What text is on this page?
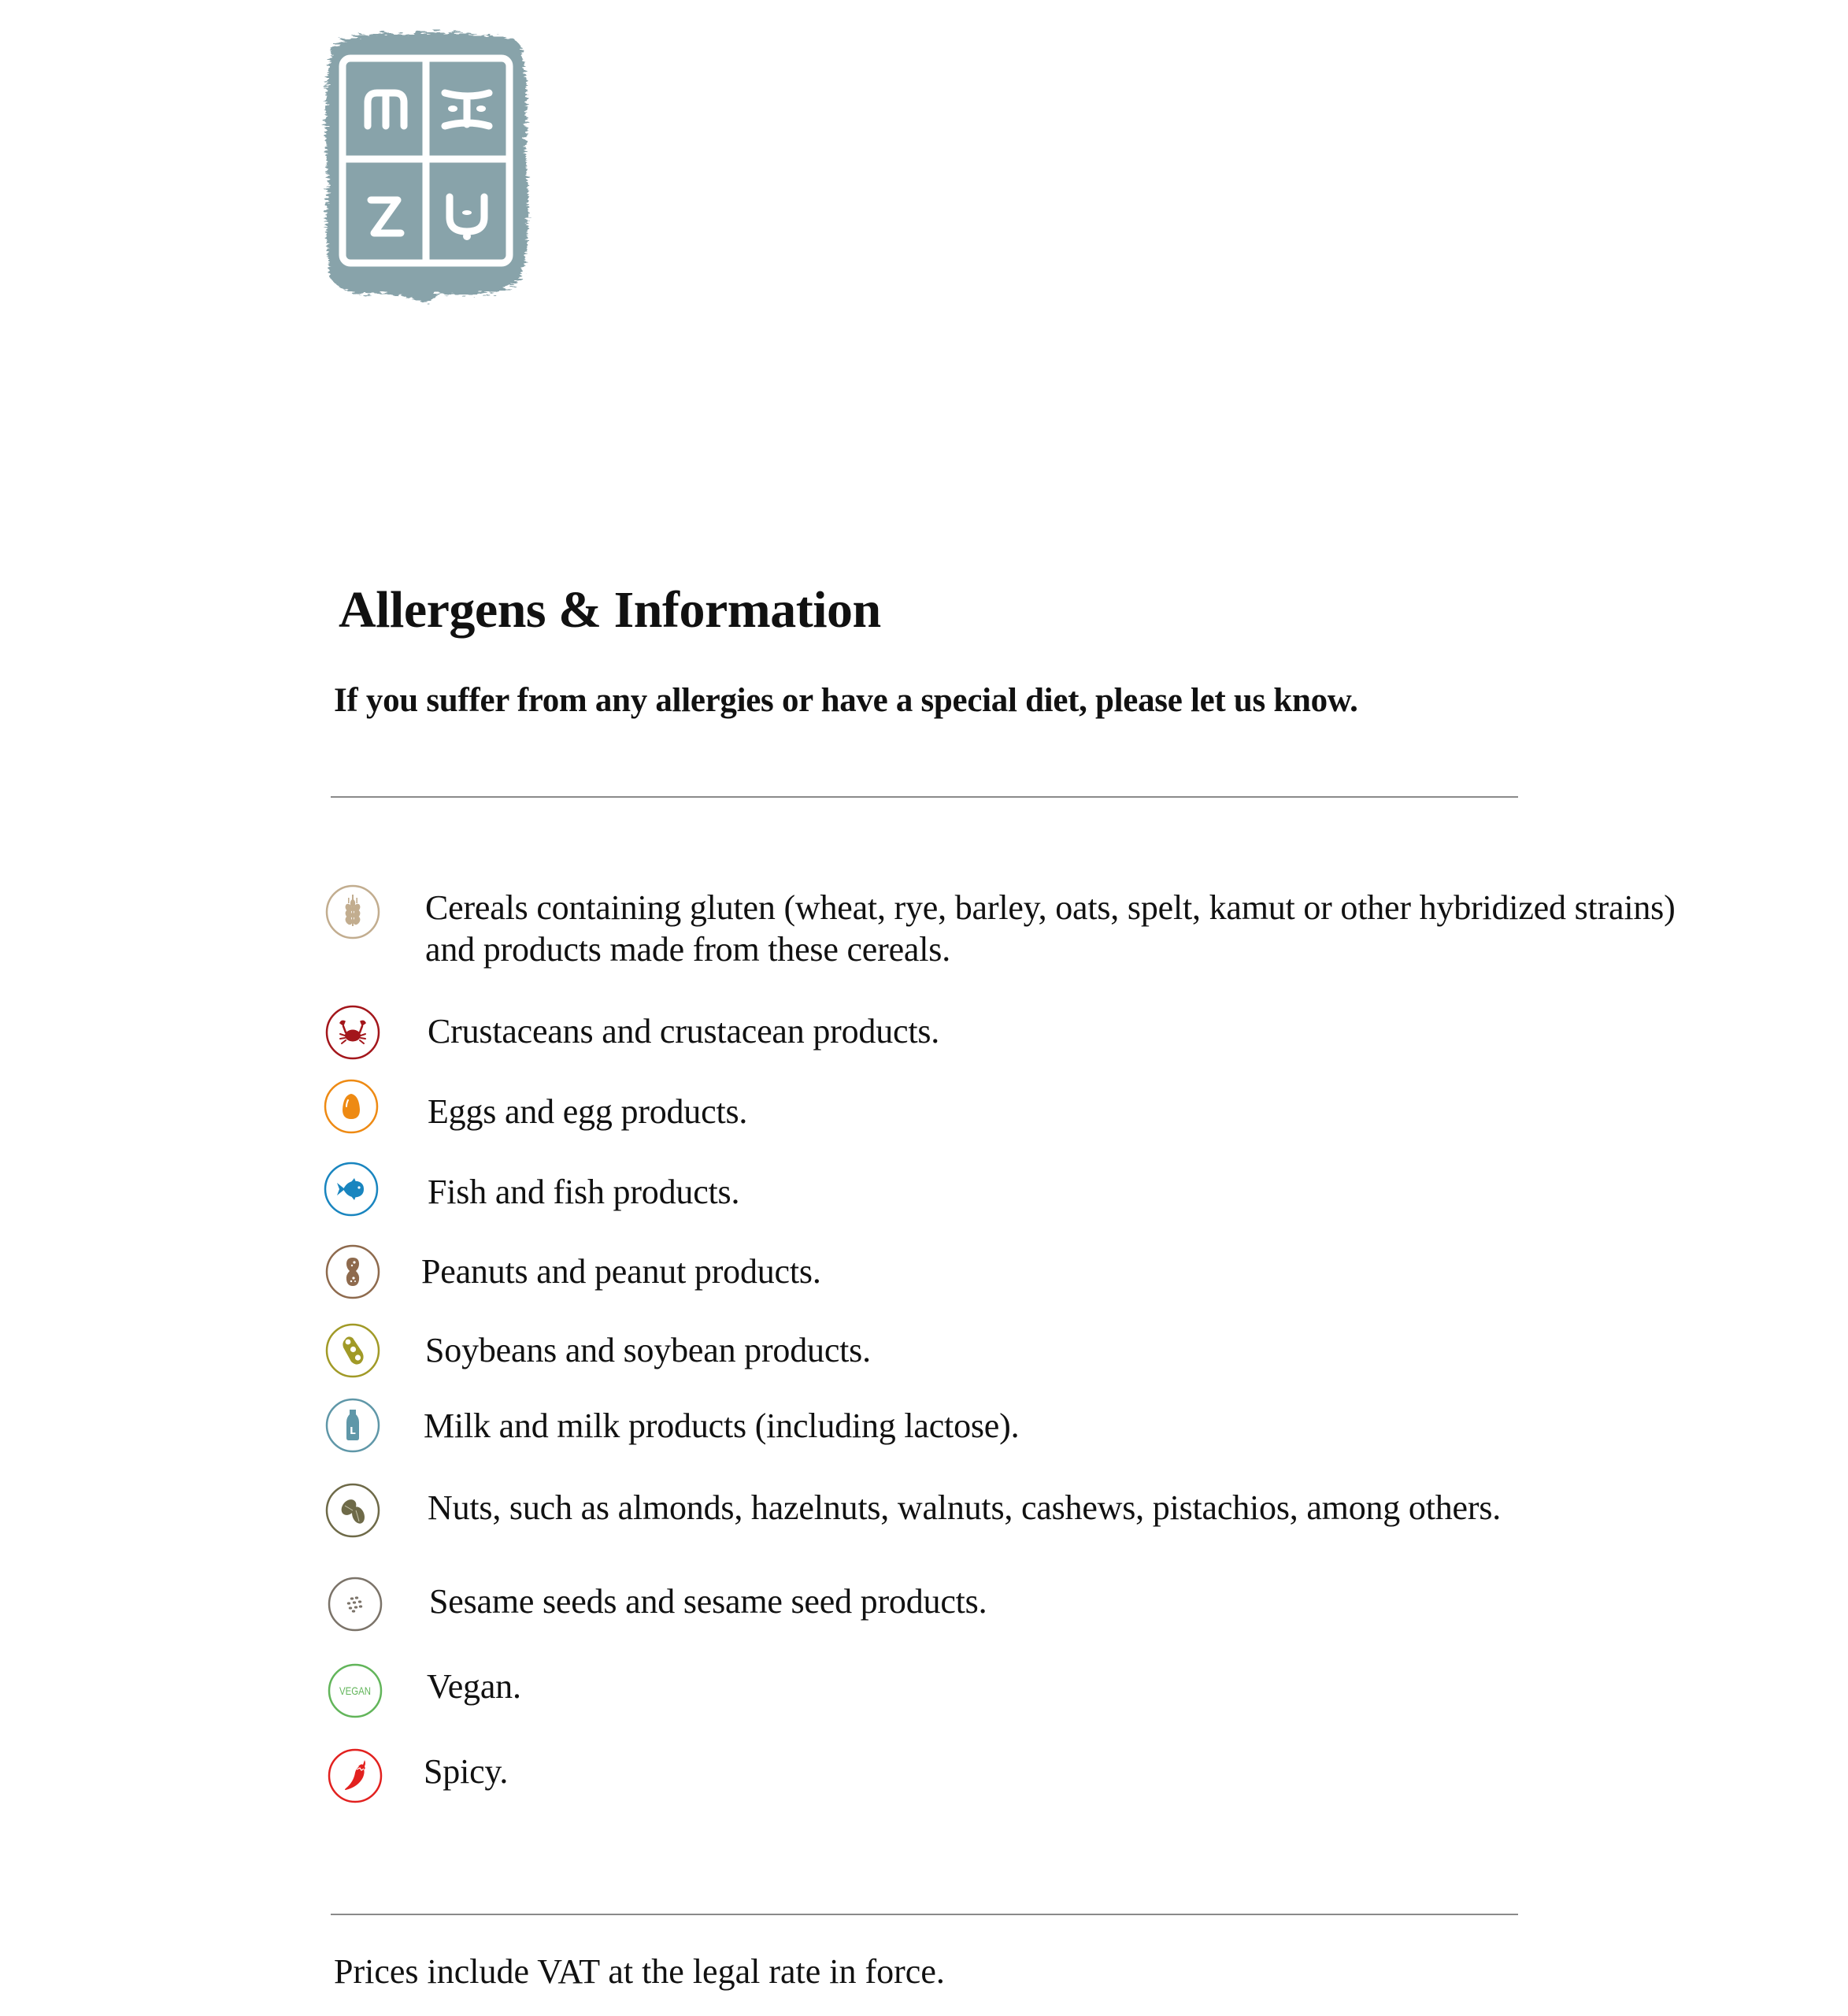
Allergens & Information

If you suffer from any allergies or have a special diet, please let us know.

Cereals containing gluten (wheat, rye, barley, oats, spelt, kamut or other hybridized strains)
and products made from these cereals.
Crustaceans and crustacean products.
Eggs and egg products.
Fish and fish products.
Peanuts and peanut products.
Soybeans and soybean products.
L Milk and milk products (including lactose).
Nuts, such as almonds, hazelnuts, walnuts, cashews, pistachios, among others.
Sesame seeds and sesame seed products.
VEGAN Vegan.
Spicy.

Prices include VAT at the legal rate in force.
